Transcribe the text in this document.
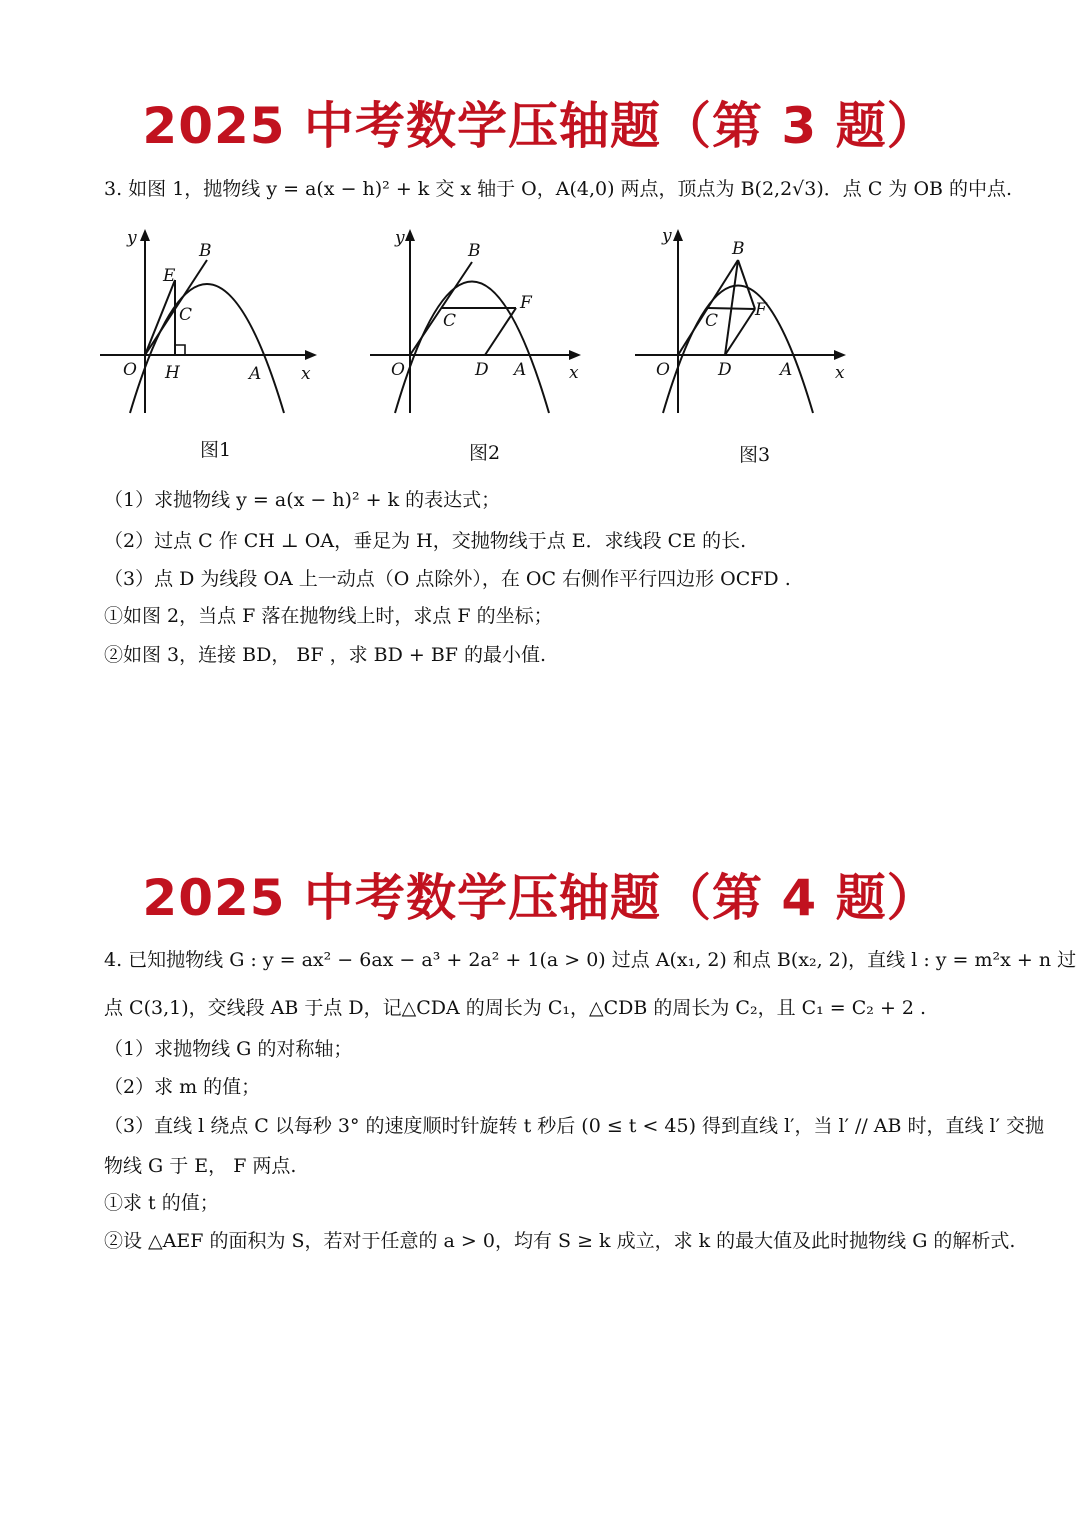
2025 中考数学压轴题（第 3 题）
3. 如图 1，抛物线 y = a(x − h)² + k 交 x 轴于 O，A(4,0) 两点，顶点为 B(2,2√3)．点 C 为 OB 的中点.
y
B
E
C
O H	A x
图1
y
B
F
C
O	D A	x
图2
y
B
F
C
O	D	A	x
图3
（1）求抛物线 y = a(x − h)² + k 的表达式；
（2）过点 C 作 CH ⊥ OA，垂足为 H，交抛物线于点 E．求线段 CE 的长.
（3）点 D 为线段 OA 上一动点（O 点除外），在 OC 右侧作平行四边形 OCFD .
①如图 2，当点 F 落在抛物线上时，求点 F 的坐标；
②如图 3，连接 BD， BF ，求 BD + BF 的最小值.
2025 中考数学压轴题（第 4 题）
4. 已知抛物线 G : y = ax² − 6ax − a³ + 2a² + 1(a > 0) 过点 A(x₁, 2) 和点 B(x₂, 2)，直线 l : y = m²x + n 过
点 C(3,1)，交线段 AB 于点 D，记△CDA 的周长为 C₁，△CDB 的周长为 C₂，且 C₁ = C₂ + 2 .
（1）求抛物线 G 的对称轴；
（2）求 m 的值；
（3）直线 l 绕点 C 以每秒 3° 的速度顺时针旋转 t 秒后 (0 ≤ t < 45) 得到直线 l′，当 l′ // AB 时，直线 l′ 交抛
物线 G 于 E， F 两点.
①求 t 的值；
②设 △AEF 的面积为 S，若对于任意的 a > 0，均有 S ≥ k 成立，求 k 的最大值及此时抛物线 G 的解析式.
